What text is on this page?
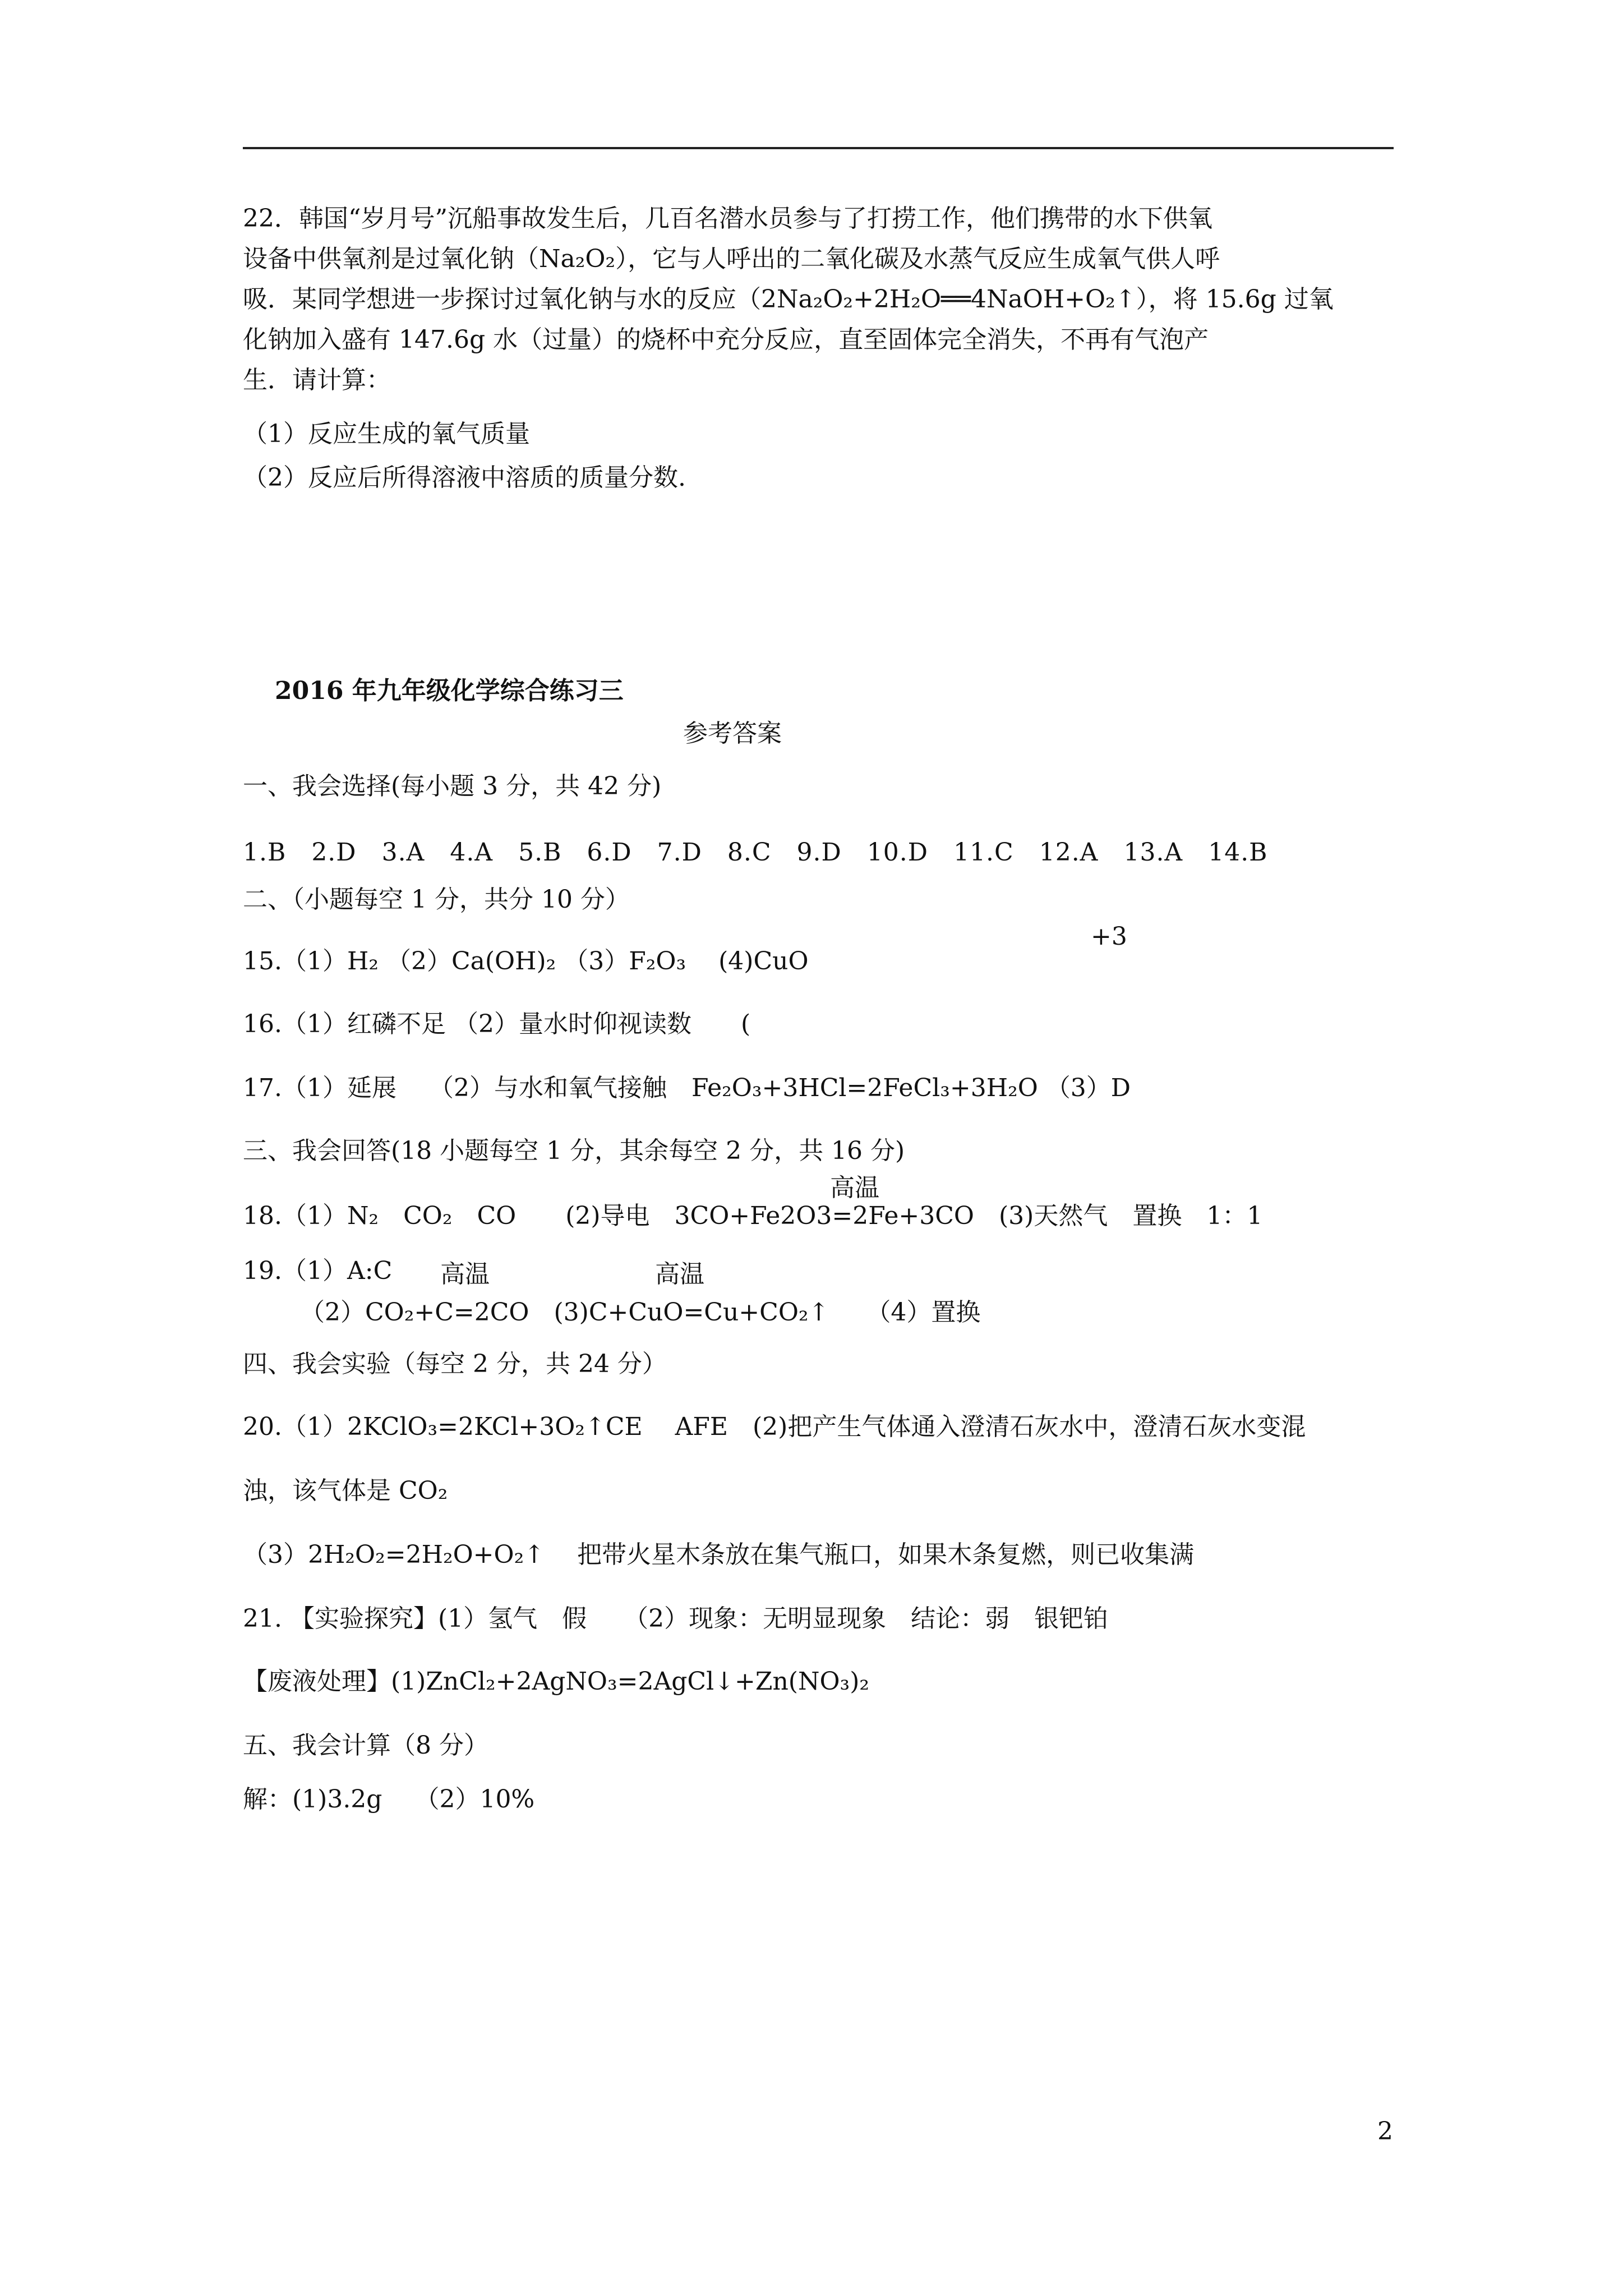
22．韩国“岁月号”沉船事故发生后，几百名潜水员参与了打捞工作，他们携带的水下供氧
设备中供氧剂是过氧化钠（Na₂O₂），它与人呼出的二氧化碳及水蒸气反应生成氧气供人呼
吸．某同学想进一步探讨过氧化钠与水的反应（2Na₂O₂+2H₂O══4NaOH+O₂↑），将 15.6g 过氧
化钠加入盛有 147.6g 水（过量）的烧杯中充分反应，直至固体完全消失，不再有气泡产
生．请计算：
（1）反应生成的氧气质量
（2）反应后所得溶液中溶质的质量分数.
2016 年九年级化学综合练习三
参考答案
一、我会选择(每小题 3 分，共 42 分)
1.B　2.D　3.A　4.A　5.B　6.D　7.D　8.C　9.D　10.D　11.C　12.A　13.A　14.B
二、（小题每空 1 分，共分 10 分）
+3
15.（1）H₂ （2）Ca(OH)₂ （3）F₂O₃　 (4)CuO
16.（1）红磷不足 （2）量水时仰视读数　　(
17.（1）延展　 （2）与水和氧气接触　Fe₂O₃+3HCl=2FeCl₃+3H₂O （3）D
三、我会回答(18 小题每空 1 分，其余每空 2 分，共 16 分)
高温
18.（1）N₂　CO₂　CO　　(2)导电　3CO+Fe2O3=2Fe+3CO　(3)天然气　置换　1：1
19.（1）A:C 高温	高温
（2）CO₂+C=2CO　(3)C+CuO=Cu+CO₂↑　　（4）置换
四、我会实验（每空 2 分，共 24 分）
20.（1）2KClO₃=2KCl+3O₂↑CE　 AFE　(2)把产生气体通入澄清石灰水中，澄清石灰水变混
浊，该气体是 CO₂
（3）2H₂O₂=2H₂O+O₂↑　 把带火星木条放在集气瓶口，如果木条复燃，则已收集满
21. 【实验探究】(1）氢气　假　　（2）现象：无明显现象　结论：弱　银钯铂
【废液处理】(1)ZnCl₂+2AgNO₃=2AgCl↓+Zn(NO₃)₂
五、我会计算（8 分）
解：(1)3.2g　 （2）10%
2
